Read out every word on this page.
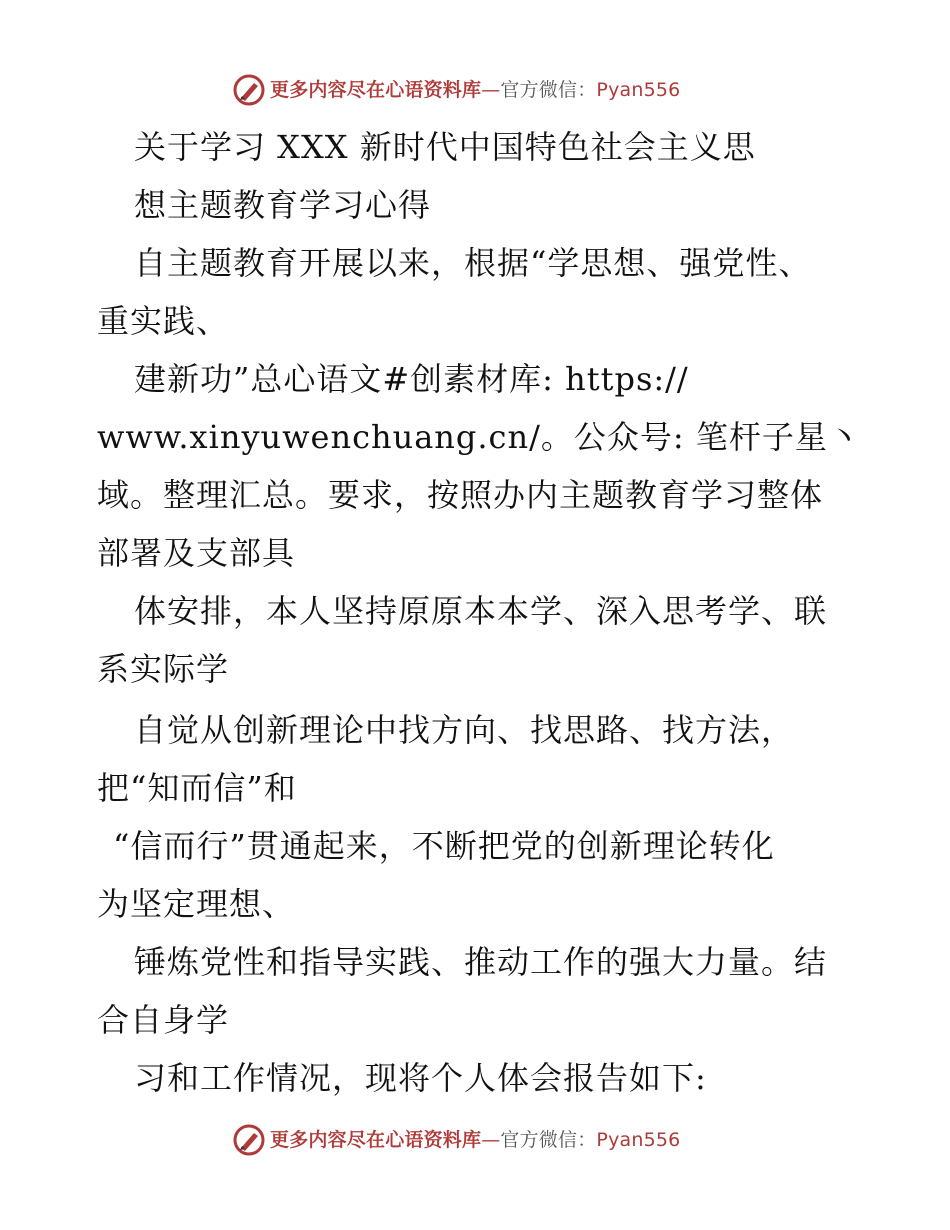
更多内容尽在心语资料库 — 官方微信： Pyan556
关于学习 XXX 新时代中国特色社会主义思
想主题教育学习心得
自主题教育开展以来，根据“学思想、强党性、
重实践、
建新功”总心语文#创素材库: https://
www.xinyuwenchuang.cn/。公众号: 笔杆子星丶
域。整理汇总。要求，按照办内主题教育学习整体
部署及支部具
体安排，本人坚持原原本本学、深入思考学、联
系实际学
自觉从创新理论中找方向、找思路、找方法，
把“知而信”和
“信而行”贯通起来，不断把党的创新理论转化
为坚定理想、
锤炼党性和指导实践、推动工作的强大力量。结
合自身学
习和工作情况，现将个人体会报告如下:
更多内容尽在心语资料库 — 官方微信： Pyan556
